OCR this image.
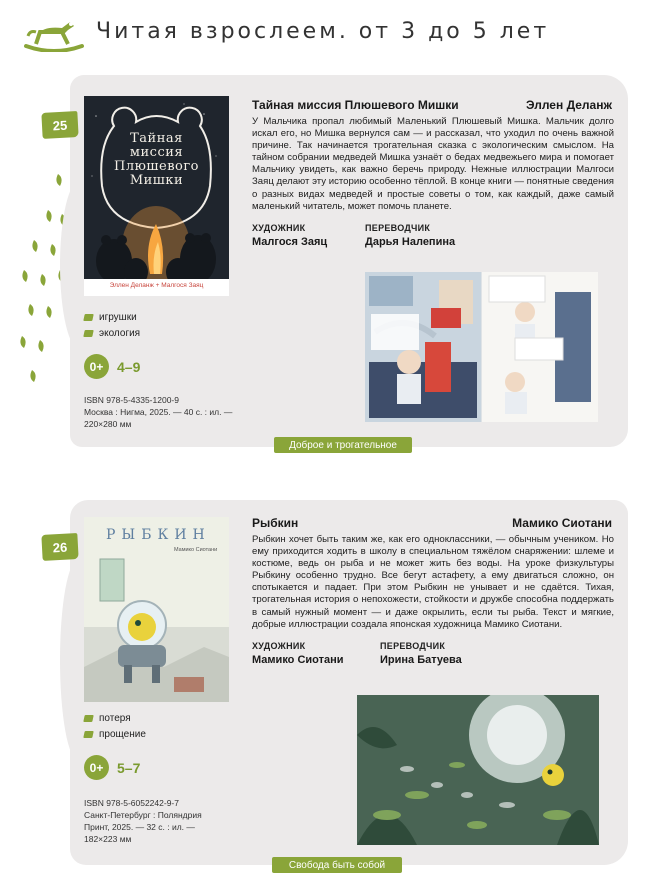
Читая взрослеем. от 3 до 5 лет
25
Тайная
миссия
Плюшевого
Мишки
Эллен Деланж + Малгося Заяц
игрушки
экология
0+ 4–9
ISBN 978-5-4335-1200-9
Москва : Нигма, 2025. — 40 с. : ил. — 220×280 мм
Тайная миссия Плюшевого Мишки	Эллен Деланж
У Мальчика пропал любимый Маленький Плюшевый Мишка. Мальчик долго искал его, но Мишка вернулся сам — и рассказал, что уходил по очень важной причине. Так начинается трогательная сказка с экологическим смыслом. На тайном собрании медведей Мишка узнаёт о бедах медвежьего мира и помогает Мальчику увидеть, как важно беречь природу. Нежные иллюстрации Малгоси Заяц делают эту историю особенно тёплой. В конце книги — понятные сведения о разных видах медведей и простые советы о том, как каждый, даже самый маленький читатель, может помочь планете.
ХУДОЖНИК
Малгося Заяц
ПЕРЕВОДЧИК
Дарья Налепина
Доброе и трогательное
26
РЫБКИН
Мамико Сиотани
потеря
прощение
0+ 5–7
ISBN 978-5-6052242-9-7
Санкт-Петербург : Поляндрия Принт, 2025. — 32 с. : ил. — 182×223 мм
Рыбкин	Мамико Сиотани
Рыбкин хочет быть таким же, как его одноклассники, — обычным учеником. Но ему приходится ходить в школу в специальном тяжёлом снаряжении: шлеме и костюме, ведь он рыба и не может жить без воды. На уроке физкультуры Рыбкину особенно трудно. Все бегут астафету, а ему двигаться сложно, он спотыкается и падает. При этом Рыбкин не унывает и не сдаётся. Тихая, трогательная история о непохожести, стойкости и дружбе способна поддержать в самый нужный момент — и даже окрылить, если ты рыба. Текст и мягкие, добрые иллюстрации создала японская художница Мамико Сиотани.
ХУДОЖНИК
Мамико Сиотани
ПЕРЕВОДЧИК
Ирина Батуева
Свобода быть собой
